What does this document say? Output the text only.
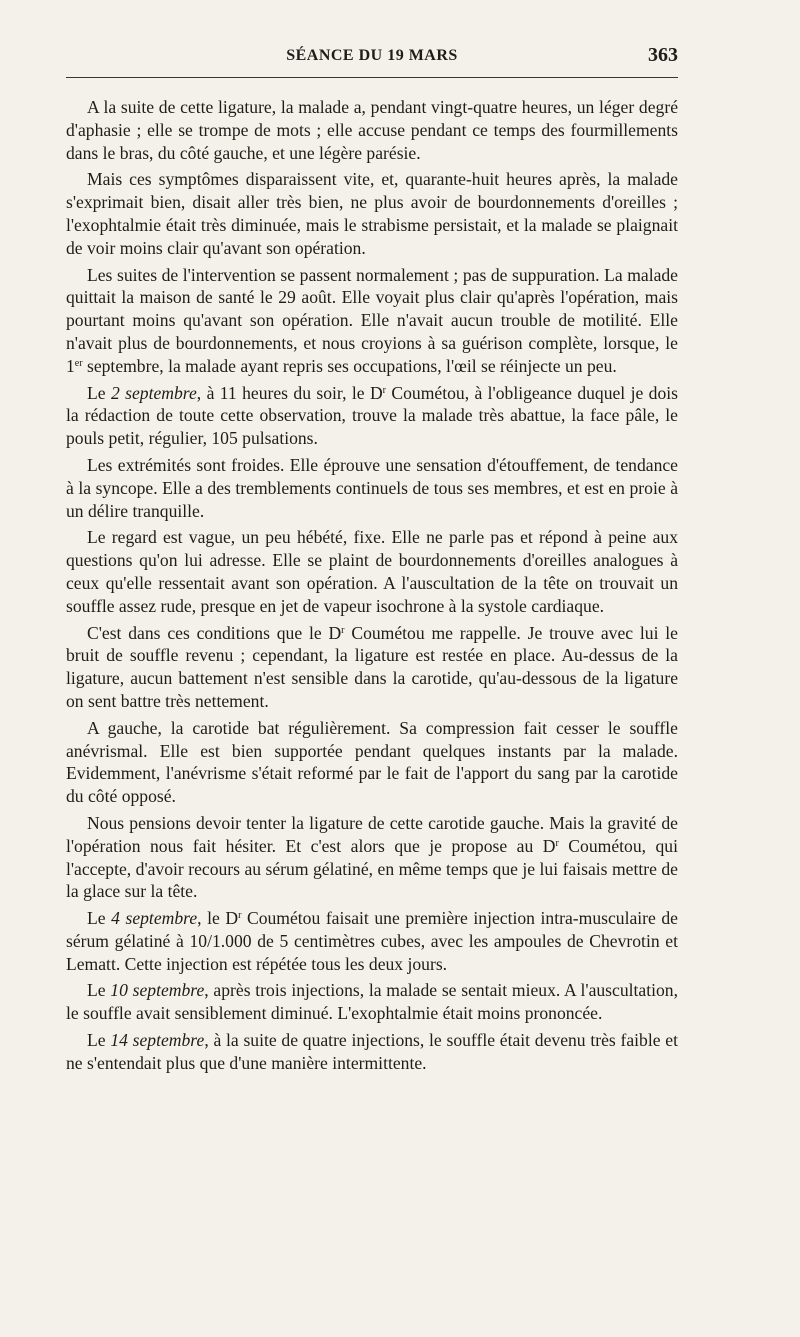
SÉANCE DU 19 MARS	363

A la suite de cette ligature, la malade a, pendant vingt-quatre heures, un léger degré d'aphasie ; elle se trompe de mots ; elle accuse pendant ce temps des fourmillements dans le bras, du côté gauche, et une légère parésie.

Mais ces symptômes disparaissent vite, et, quarante-huit heures après, la malade s'exprimait bien, disait aller très bien, ne plus avoir de bourdonnements d'oreilles ; l'exophtalmie était très diminuée, mais le strabisme persistait, et la malade se plaignait de voir moins clair qu'avant son opération.

Les suites de l'intervention se passent normalement ; pas de suppuration. La malade quittait la maison de santé le 29 août. Elle voyait plus clair qu'après l'opération, mais pourtant moins qu'avant son opération. Elle n'avait aucun trouble de motilité. Elle n'avait plus de bourdonnements, et nous croyions à sa guérison complète, lorsque, le 1er septembre, la malade ayant repris ses occupations, l'œil se réinjecte un peu.

Le 2 septembre, à 11 heures du soir, le $D^r$ Coumétou, à l'obligeance duquel je dois la rédaction de toute cette observation, trouve la malade très abattue, la face pâle, le pouls petit, régulier, 105 pulsations.

Les extrémités sont froides. Elle éprouve une sensation d'étouffement, de tendance à la syncope. Elle a des tremblements continuels de tous ses membres, et est en proie à un délire tranquille.

Le regard est vague, un peu hébété, fixe. Elle ne parle pas et répond à peine aux questions qu'on lui adresse. Elle se plaint de bourdonnements d'oreilles analogues à ceux qu'elle ressentait avant son opération. A l'auscultation de la tête on trouvait un souffle assez rude, presque en jet de vapeur isochrone à la systole cardiaque.

C'est dans ces conditions que le $D^r$ Coumétou me rappelle. Je trouve avec lui le bruit de souffle revenu ; cependant, la ligature est restée en place. Au-dessus de la ligature, aucun battement n'est sensible dans la carotide, qu'au-dessous de la ligature on sent battre très nettement.

A gauche, la carotide bat régulièrement. Sa compression fait cesser le souffle anévrismal. Elle est bien supportée pendant quelques instants par la malade. Evidemment, l'anévrisme s'était reformé par le fait de l'apport du sang par la carotide du côté opposé.

Nous pensions devoir tenter la ligature de cette carotide gauche. Mais la gravité de l'opération nous fait hésiter. Et c'est alors que je propose au $D^r$ Coumétou, qui l'accepte, d'avoir recours au sérum gélatiné, en même temps que je lui faisais mettre de la glace sur la tête.

Le 4 septembre, le $D^r$ Coumétou faisait une première injection intra-musculaire de sérum gélatiné à 10/1.000 de 5 centimètres cubes, avec les ampoules de Chevrotin et Lematt. Cette injection est répétée tous les deux jours.

Le 10 septembre, après trois injections, la malade se sentait mieux. A l'auscultation, le souffle avait sensiblement diminué. L'exophtalmie était moins prononcée.

Le 14 septembre, à la suite de quatre injections, le souffle était devenu très faible et ne s'entendait plus que d'une manière intermittente.
